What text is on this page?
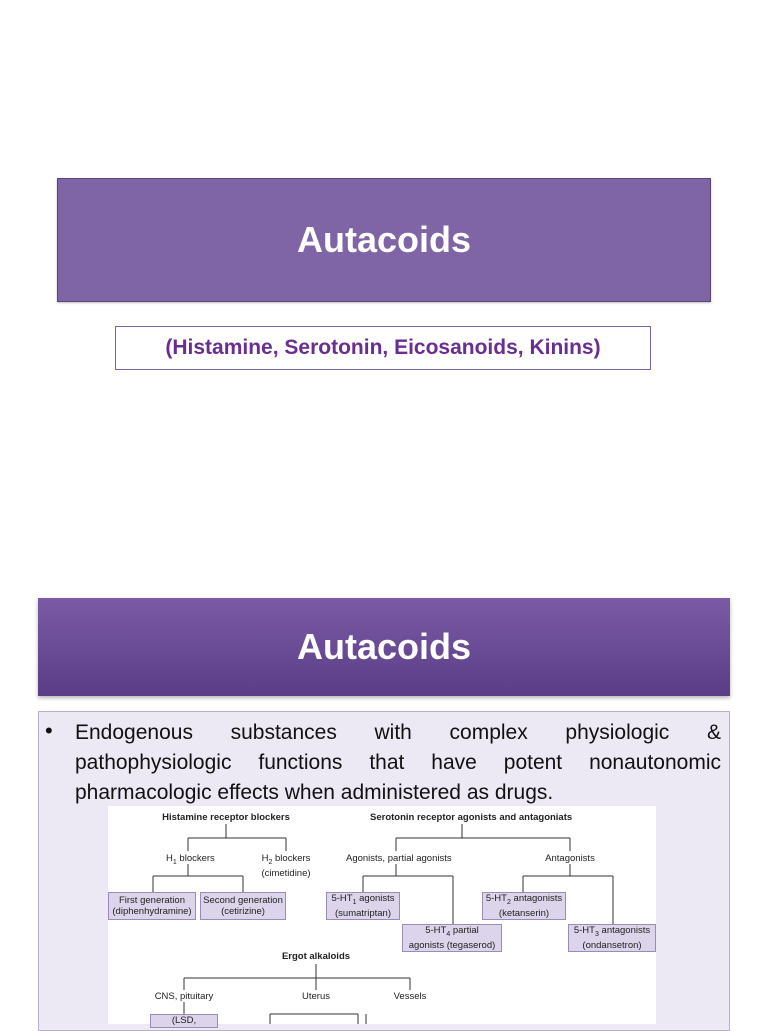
Autacoids
(Histamine, Serotonin, Eicosanoids, Kinins)
Autacoids
• Endogenous substances with complex physiologic & pathophysiologic functions that have potent nonautonomic pharmacologic effects when administered as drugs.
Histamine receptor blockers	Serotonin receptor agonists and antagoniats
$H_1$ blockers	$H_2$ blockers
(cimetidine)
Agonists, partial agonists	Antagonists
First generation
(diphenhydramine)
Second generation
(cetirizine)
$5-HT_1$ agonists
(sumatriptan)
$5-HT_2$ antagonists
(ketanserin)
$5-HT_4$ partial
agonists (tegaserod)
$5-HT_3$ antagonists
(ondansetron)
Ergot alkaloids
CNS, pituitary	Uterus	Vessels
(LSD,
